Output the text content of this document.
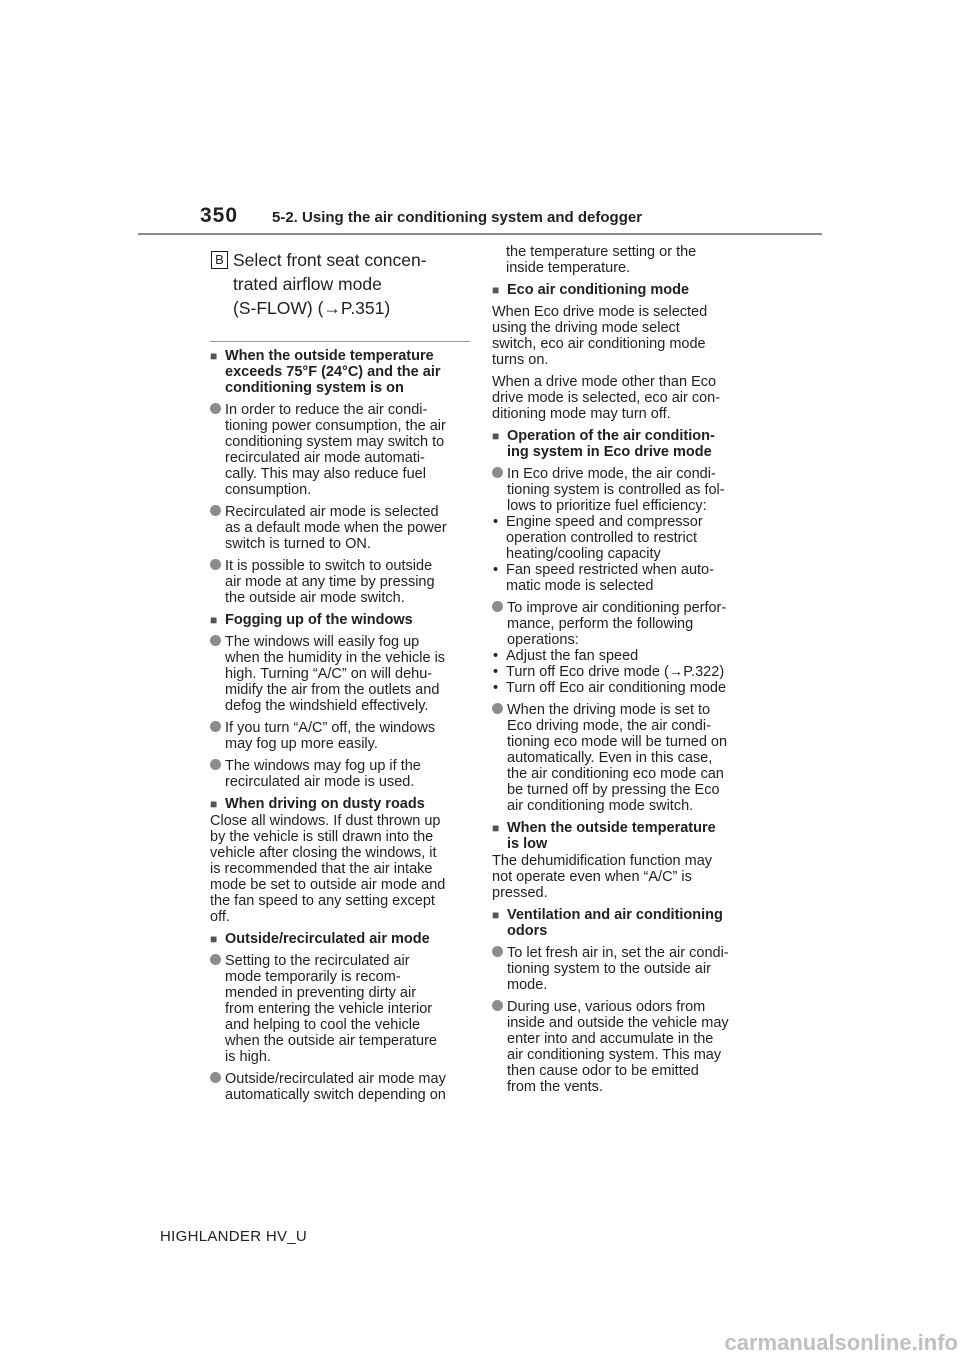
350 5-2. Using the air conditioning system and defogger
B Select front seat concen-
trated airflow mode
(S-FLOW) (→P.351)
■ When the outside temperature
exceeds 75°F (24°C) and the air
conditioning system is on
In order to reduce the air condi-
tioning power consumption, the air
conditioning system may switch to
recirculated air mode automati-
cally. This may also reduce fuel
consumption.
Recirculated air mode is selected
as a default mode when the power
switch is turned to ON.
It is possible to switch to outside
air mode at any time by pressing
the outside air mode switch.
■ Fogging up of the windows
The windows will easily fog up
when the humidity in the vehicle is
high. Turning “A/C” on will dehu-
midify the air from the outlets and
defog the windshield effectively.
If you turn “A/C” off, the windows
may fog up more easily.
The windows may fog up if the
recirculated air mode is used.
■ When driving on dusty roads
Close all windows. If dust thrown up
by the vehicle is still drawn into the
vehicle after closing the windows, it
is recommended that the air intake
mode be set to outside air mode and
the fan speed to any setting except
off.
■ Outside/recirculated air mode
Setting to the recirculated air
mode temporarily is recom-
mended in preventing dirty air
from entering the vehicle interior
and helping to cool the vehicle
when the outside air temperature
is high.
Outside/recirculated air mode may
automatically switch depending on
the temperature setting or the
inside temperature.
■ Eco air conditioning mode
When Eco drive mode is selected
using the driving mode select
switch, eco air conditioning mode
turns on.
When a drive mode other than Eco
drive mode is selected, eco air con-
ditioning mode may turn off.
■ Operation of the air condition-
ing system in Eco drive mode
In Eco drive mode, the air condi-
tioning system is controlled as fol-
lows to prioritize fuel efficiency:
• Engine speed and compressor
operation controlled to restrict
heating/cooling capacity
• Fan speed restricted when auto-
matic mode is selected
To improve air conditioning perfor-
mance, perform the following
operations:
• Adjust the fan speed
• Turn off Eco drive mode (→P.322)
• Turn off Eco air conditioning mode
When the driving mode is set to
Eco driving mode, the air condi-
tioning eco mode will be turned on
automatically. Even in this case,
the air conditioning eco mode can
be turned off by pressing the Eco
air conditioning mode switch.
■ When the outside temperature
is low
The dehumidification function may
not operate even when “A/C” is
pressed.
■ Ventilation and air conditioning
odors
To let fresh air in, set the air condi-
tioning system to the outside air
mode.
During use, various odors from
inside and outside the vehicle may
enter into and accumulate in the
air conditioning system. This may
then cause odor to be emitted
from the vents.
HIGHLANDER HV_U
carmanualsonline.info
